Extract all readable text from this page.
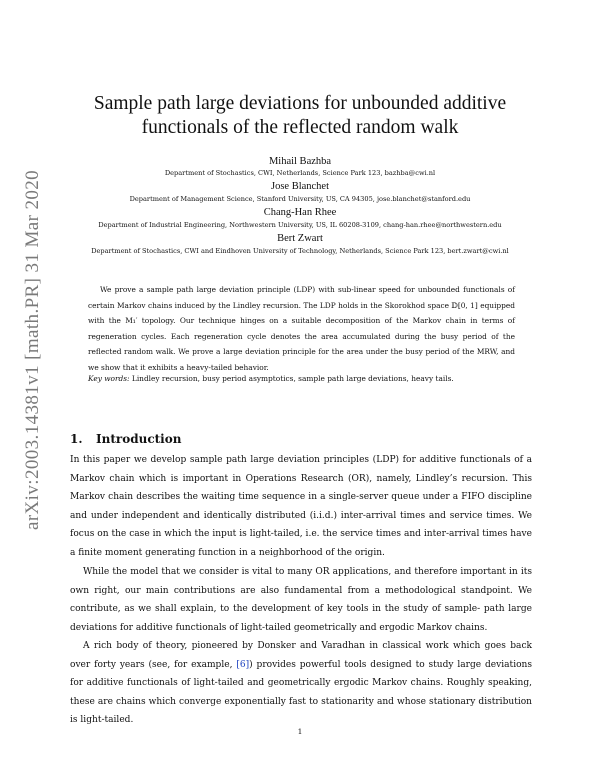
arXiv:2003.14381v1 [math.PR] 31 Mar 2020
Sample path large deviations for unbounded additive functionals of the reflected random walk
Mihail Bazhba
Department of Stochastics, CWI, Netherlands, Science Park 123, bazhba@cwi.nl
Jose Blanchet
Department of Management Science, Stanford University, US, CA 94305, jose.blanchet@stanford.edu
Chang-Han Rhee
Department of Industrial Engineering, Northwestern University, US, IL 60208-3109, chang-han.rhee@northwestern.edu
Bert Zwart
Department of Stochastics, CWI and Eindhoven University of Technology, Netherlands, Science Park 123, bert.zwart@cwi.nl

We prove a sample path large deviation principle (LDP) with sub-linear speed for unbounded functionals of certain Markov chains induced by the Lindley recursion. The LDP holds in the Skorokhod space 𝔻[0, 1] equipped with the M₁′ topology. Our technique hinges on a suitable decomposition of the Markov chain in terms of regeneration cycles. Each regeneration cycle denotes the area accumulated during the busy period of the reflected random walk. We prove a large deviation principle for the area under the busy period of the MRW, and we show that it exhibits a heavy-tailed behavior.

Key words: Lindley recursion, busy period asymptotics, sample path large deviations, heavy tails.
1. Introduction

In this paper we develop sample path large deviation principles (LDP) for additive functionals of a Markov chain which is important in Operations Research (OR), namely, Lindley’s recursion. This Markov chain describes the waiting time sequence in a single-server queue under a FIFO discipline and under independent and identically distributed (i.i.d.) inter-arrival times and service times. We focus on the case in which the input is light-tailed, i.e. the service times and inter-arrival times have a finite moment generating function in a neighborhood of the origin.

While the model that we consider is vital to many OR applications, and therefore important in its own right, our main contributions are also fundamental from a methodological standpoint. We contribute, as we shall explain, to the development of key tools in the study of sample- path large deviations for additive functionals of light-tailed geometrically and ergodic Markov chains.

A rich body of theory, pioneered by Donsker and Varadhan in classical work which goes back over forty years (see, for example, [6]) provides powerful tools designed to study large deviations for additive functionals of light-tailed and geometrically ergodic Markov chains. Roughly speaking, these are chains which converge exponentially fast to stationarity and whose stationary distribution is light-tailed.

1
